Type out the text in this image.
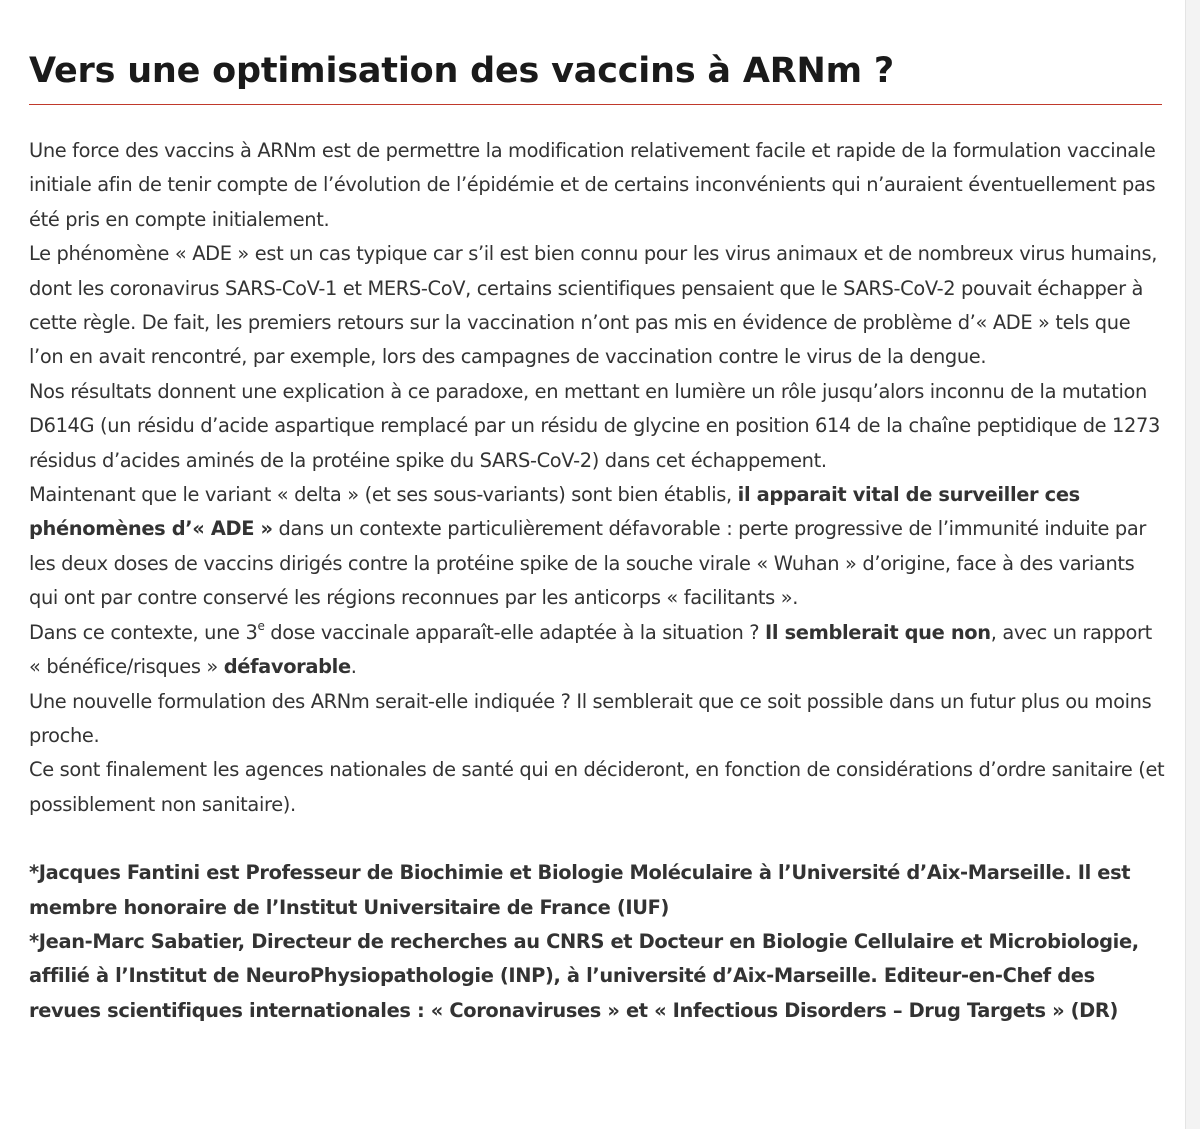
Vers une optimisation des vaccins à ARNm ?

Une force des vaccins à ARNm est de permettre la modification relativement facile et rapide de la formulation vaccinale initiale afin de tenir compte de l’évolution de l’épidémie et de certains inconvénients qui n’auraient éventuellement pas été pris en compte initialement.

Le phénomène « ADE » est un cas typique car s’il est bien connu pour les virus animaux et de nombreux virus humains, dont les coronavirus SARS-CoV-1 et MERS-CoV, certains scientifiques pensaient que le SARS-CoV-2 pouvait échapper à cette règle. De fait, les premiers retours sur la vaccination n’ont pas mis en évidence de problème d’« ADE » tels que l’on en avait rencontré, par exemple, lors des campagnes de vaccination contre le virus de la dengue.

Nos résultats donnent une explication à ce paradoxe, en mettant en lumière un rôle jusqu’alors inconnu de la mutation D614G (un résidu d’acide aspartique remplacé par un résidu de glycine en position 614 de la chaîne peptidique de 1273 résidus d’acides aminés de la protéine spike du SARS-CoV-2) dans cet échappement.

Maintenant que le variant « delta » (et ses sous-variants) sont bien établis, il apparait vital de surveiller ces phénomènes d’« ADE » dans un contexte particulièrement défavorable : perte progressive de l’immunité induite par les deux doses de vaccins dirigés contre la protéine spike de la souche virale « Wuhan » d’origine, face à des variants qui ont par contre conservé les régions reconnues par les anticorps « facilitants ».

Dans ce contexte, une 3e dose vaccinale apparaît-elle adaptée à la situation ? Il semblerait que non, avec un rapport « bénéfice/risques » défavorable.

Une nouvelle formulation des ARNm serait-elle indiquée ? Il semblerait que ce soit possible dans un futur plus ou moins proche.

Ce sont finalement les agences nationales de santé qui en décideront, en fonction de considérations d’ordre sanitaire (et possiblement non sanitaire).

*Jacques Fantini est Professeur de Biochimie et Biologie Moléculaire à l’Université d’Aix-Marseille. Il est membre honoraire de l’Institut Universitaire de France (IUF)

*Jean-Marc Sabatier, Directeur de recherches au CNRS et Docteur en Biologie Cellulaire et Microbiologie, affilié à l’Institut de NeuroPhysiopathologie (INP), à l’université d’Aix-Marseille. Editeur-en-Chef des revues scientifiques internationales : « Coronaviruses » et « Infectious Disorders – Drug Targets » (DR)
